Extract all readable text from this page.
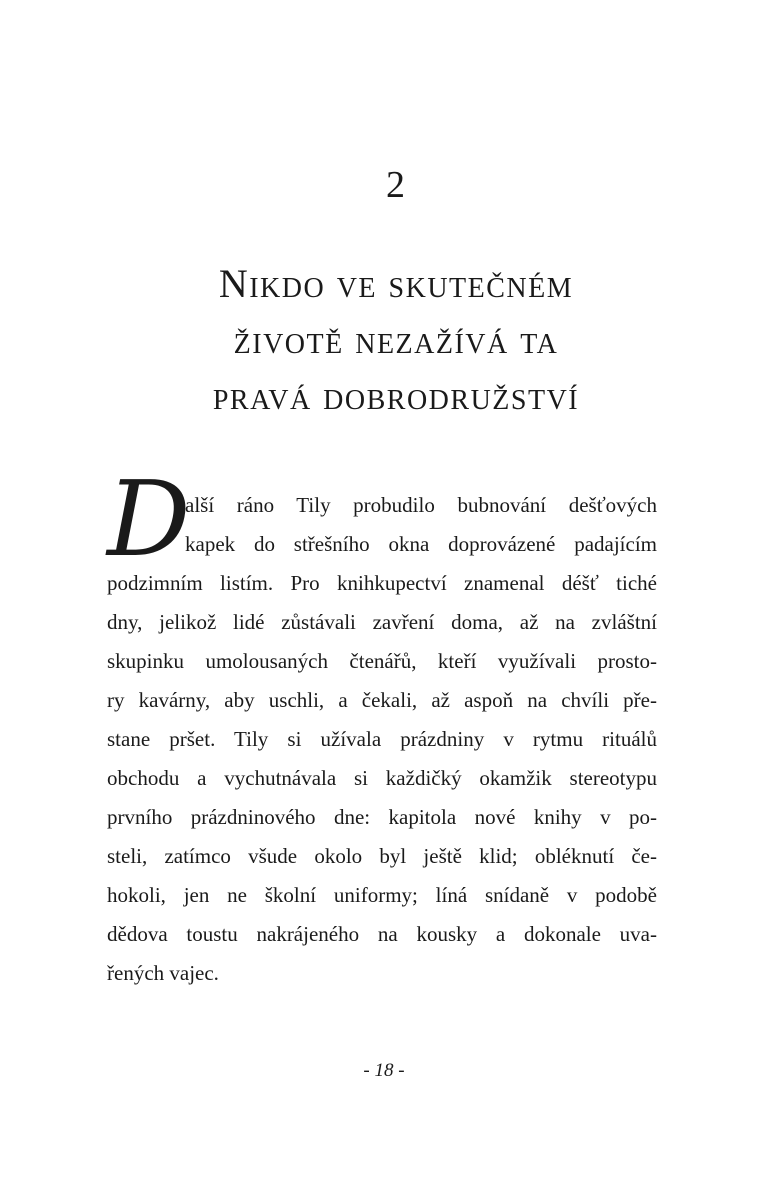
2
Nikdo ve skutečném
životě nezažívá ta
pravá dobrodružství
D
alší ráno Tily probudilo bubnování dešťových
kapek do střešního okna doprovázené padajícím
podzimním listím. Pro knihkupectví znamenal déšť tiché
dny, jelikož lidé zůstávali zavření doma, až na zvláštní
skupinku umolousaných čtenářů, kteří využívali prosto-
ry kavárny, aby uschli, a čekali, až aspoň na chvíli pře-
stane pršet. Tily si užívala prázdniny v rytmu rituálů
obchodu a vychutnávala si každičký okamžik stereotypu
prvního prázdninového dne: kapitola nové knihy v po-
steli, zatímco všude okolo byl ještě klid; obléknutí če-
hokoli, jen ne školní uniformy; líná snídaně v podobě
dědova toustu nakrájeného na kousky a dokonale uva-
řených vajec.
- 18 -
